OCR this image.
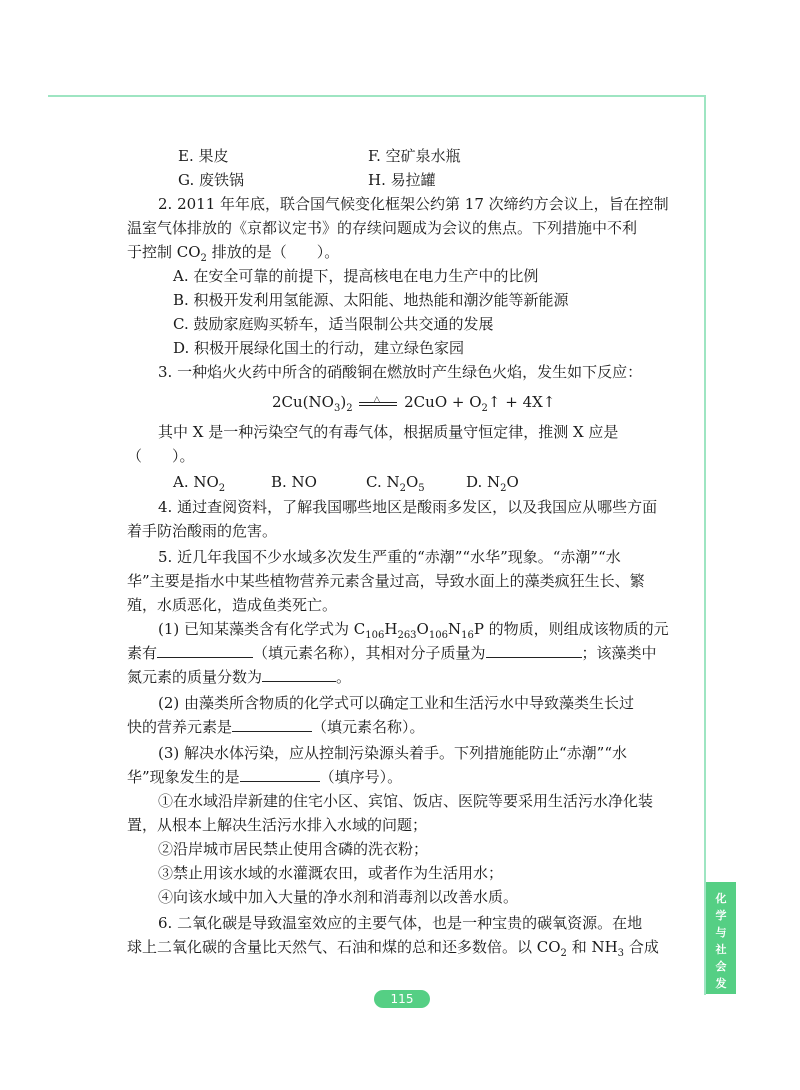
化
学
与
社
会
发
展
115
E. 果皮	F. 空矿泉水瓶
G. 废铁锅	H. 易拉罐
2. 2011 年年底，联合国气候变化框架公约第 17 次缔约方会议上，旨在控制
温室气体排放的《京都议定书》的存续问题成为会议的焦点。下列措施中不利
于控制 $CO_2$ 排放的是（　　）。
A. 在安全可靠的前提下，提高核电在电力生产中的比例
B. 积极开发利用氢能源、太阳能、地热能和潮汐能等新能源
C. 鼓励家庭购买轿车，适当限制公共交通的发展
D. 积极开展绿化国土的行动，建立绿色家园
3. 一种焰火火药中所含的硝酸铜在燃放时产生绿色火焰，发生如下反应：
$2Cu(NO_3)_2$
△ $2CuO + O_2↑$ + 4X↑
其中 X 是一种污染空气的有毒气体，根据质量守恒定律，推测 X 应是
（　　）。
A. $NO_2$	B. NO	C. $N_2O_5$	D. $N_2O$
4. 通过查阅资料，了解我国哪些地区是酸雨多发区，以及我国应从哪些方面
着手防治酸雨的危害。
5. 近几年我国不少水域多次发生严重的“赤潮”“水华”现象。“赤潮”“水
华”主要是指水中某些植物营养元素含量过高，导致水面上的藻类疯狂生长、繁
殖，水质恶化，造成鱼类死亡。
(1) 已知某藻类含有化学式为 $C_{106}H_{263}O_{106}N_{16}P$ 的物质，则组成该物质的元
素有	（填元素名称），其相对分子质量为	；该藻类中
氮元素的质量分数为	。
(2) 由藻类所含物质的化学式可以确定工业和生活污水中导致藻类生长过
快的营养元素是	（填元素名称）。
(3) 解决水体污染，应从控制污染源头着手。下列措施能防止“赤潮”“水
华”现象发生的是	（填序号）。
①在水域沿岸新建的住宅小区、宾馆、饭店、医院等要采用生活污水净化装
置，从根本上解决生活污水排入水域的问题；
②沿岸城市居民禁止使用含磷的洗衣粉；
③禁止用该水域的水灌溉农田，或者作为生活用水；
④向该水域中加入大量的净水剂和消毒剂以改善水质。
6. 二氧化碳是导致温室效应的主要气体，也是一种宝贵的碳氧资源。在地
球上二氧化碳的含量比天然气、石油和煤的总和还多数倍。以 $CO_2$ 和 $NH_3$ 合成
